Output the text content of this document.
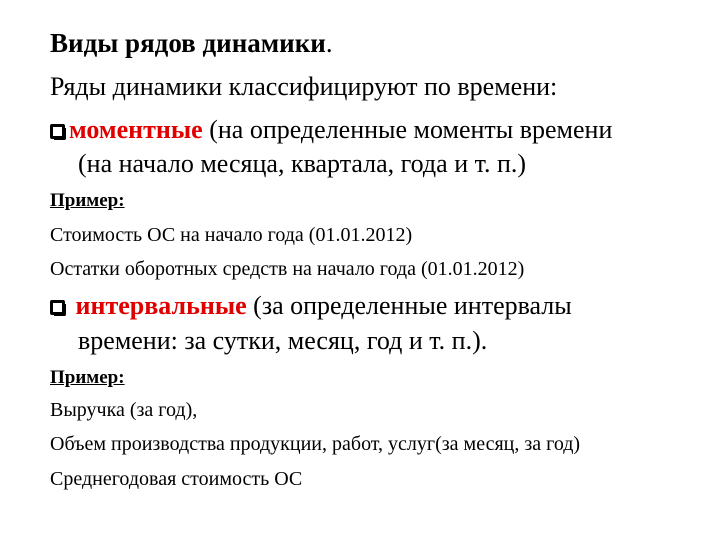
Виды рядов динамики.
Ряды динамики классифицируют по времени:
моментные (на определенные моменты времени
(на начало месяца, квартала, года и т. п.)
Пример:
Стоимость ОС на начало года (01.01.2012)
Остатки оборотных средств на начало года (01.01.2012)
интервальные (за определенные интервалы
времени: за сутки, месяц, год и т. п.).
Пример:
Выручка (за год),
Объем производства продукции, работ, услуг(за месяц, за год)
Среднегодовая стоимость ОС
